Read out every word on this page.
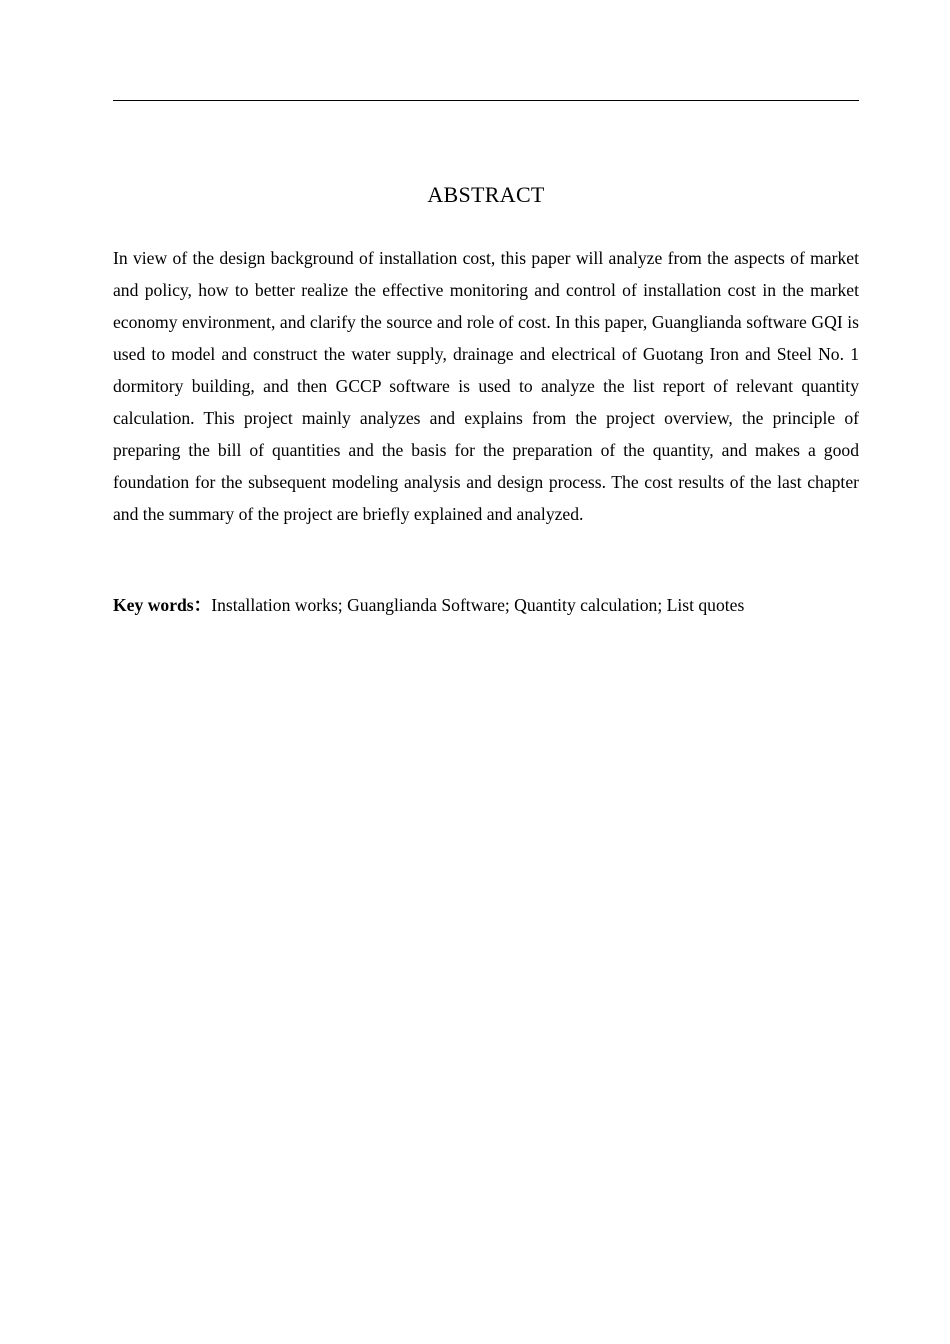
ABSTRACT

In view of the design background of installation cost, this paper will analyze from the aspects of market and policy, how to better realize the effective monitoring and control of installation cost in the market economy environment, and clarify the source and role of cost. In this paper, Guanglianda software GQI is used to model and construct the water supply, drainage and electrical of Guotang Iron and Steel No. 1 dormitory building, and then GCCP software is used to analyze the list report of relevant quantity calculation. This project mainly analyzes and explains from the project overview, the principle of preparing the bill of quantities and the basis for the preparation of the quantity, and makes a good foundation for the subsequent modeling analysis and design process. The cost results of the last chapter and the summary of the project are briefly explained and analyzed.

Key words：Installation works; Guanglianda Software; Quantity calculation; List quotes
